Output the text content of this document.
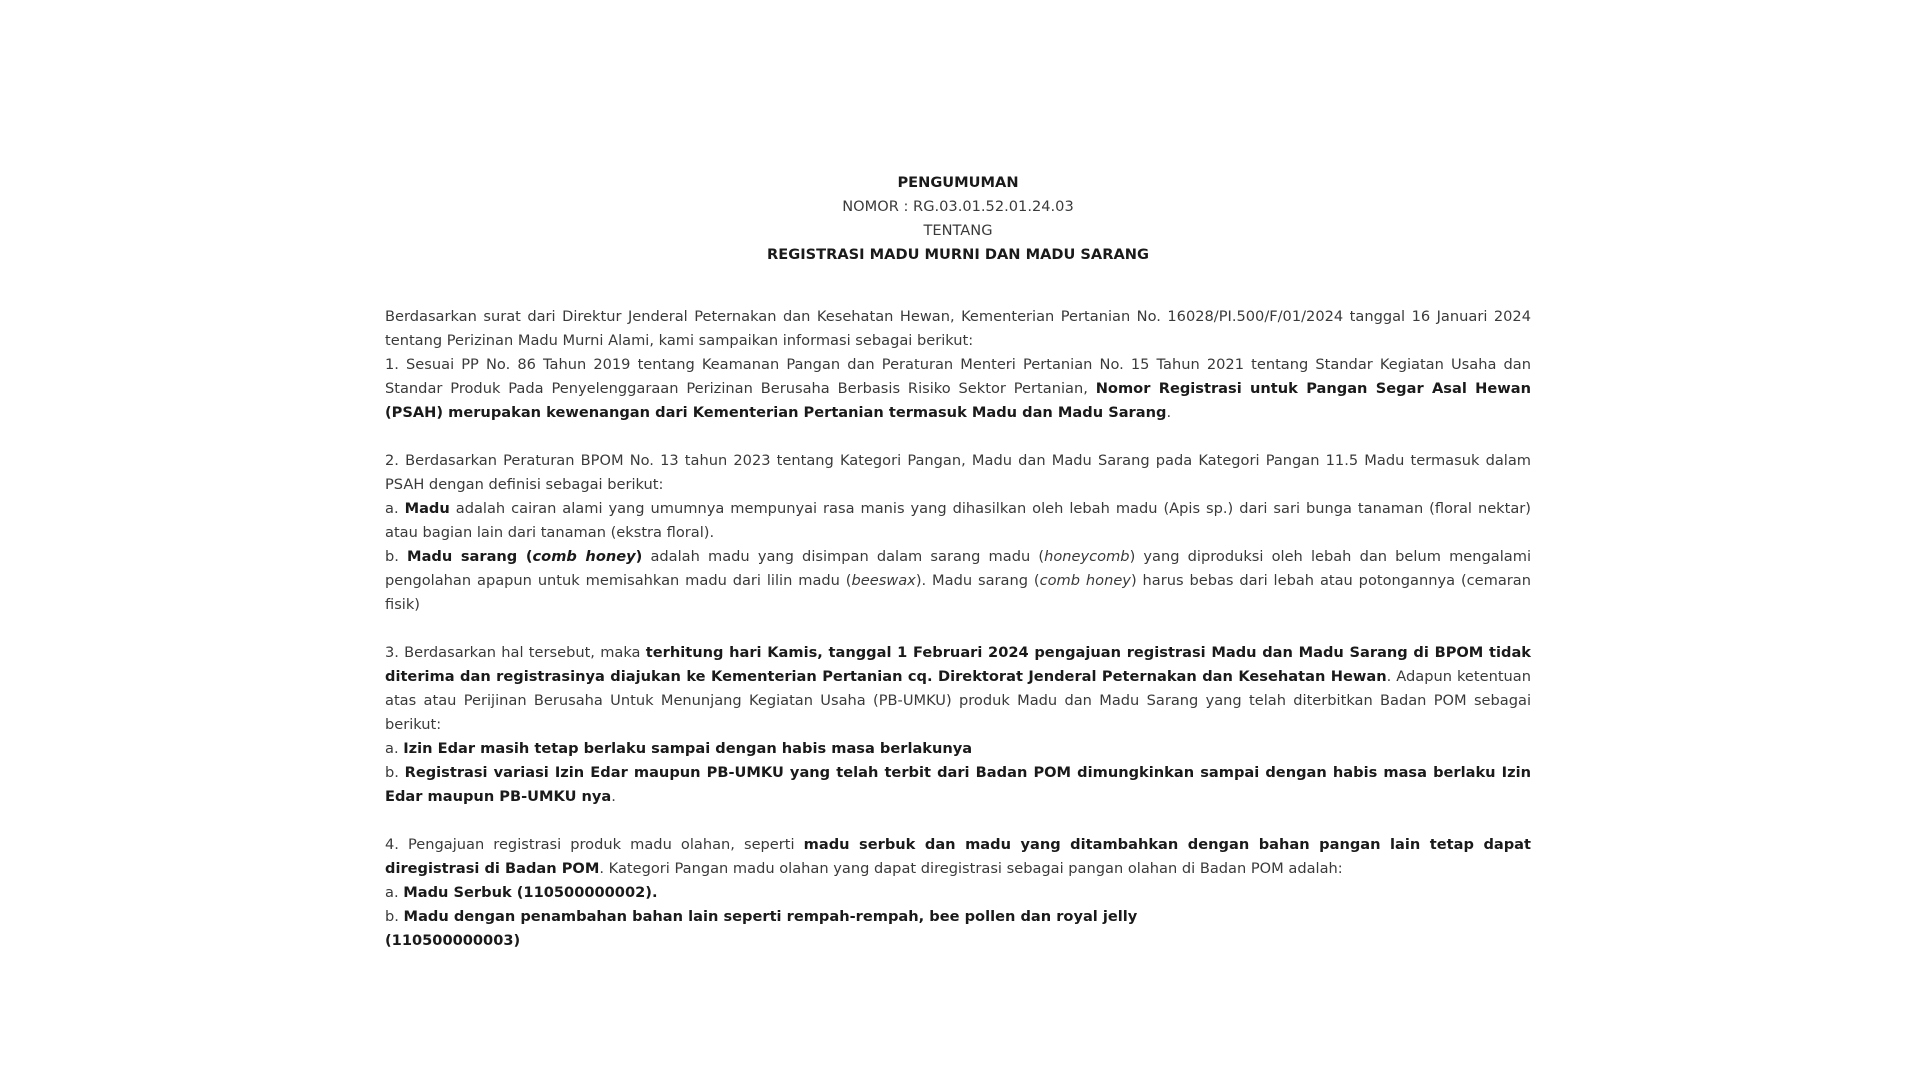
PENGUMUMAN
NOMOR : RG.03.01.52.01.24.03
TENTANG
REGISTRASI MADU MURNI DAN MADU SARANG

Berdasarkan surat dari Direktur Jenderal Peternakan dan Kesehatan Hewan, Kementerian Pertanian No. 16028/PI.500/F/01/2024 tanggal 16 Januari 2024 tentang Perizinan Madu Murni Alami, kami sampaikan informasi sebagai berikut:

1. Sesuai PP No. 86 Tahun 2019 tentang Keamanan Pangan dan Peraturan Menteri Pertanian No. 15 Tahun 2021 tentang Standar Kegiatan Usaha dan Standar Produk Pada Penyelenggaraan Perizinan Berusaha Berbasis Risiko Sektor Pertanian, Nomor Registrasi untuk Pangan Segar Asal Hewan (PSAH) merupakan kewenangan dari Kementerian Pertanian termasuk Madu dan Madu Sarang.

2. Berdasarkan Peraturan BPOM No. 13 tahun 2023 tentang Kategori Pangan, Madu dan Madu Sarang pada Kategori Pangan 11.5 Madu termasuk dalam PSAH dengan definisi sebagai berikut:

a. Madu adalah cairan alami yang umumnya mempunyai rasa manis yang dihasilkan oleh lebah madu (Apis sp.) dari sari bunga tanaman (floral nektar) atau bagian lain dari tanaman (ekstra floral).

b. Madu sarang (comb honey) adalah madu yang disimpan dalam sarang madu (honeycomb) yang diproduksi oleh lebah dan belum mengalami pengolahan apapun untuk memisahkan madu dari lilin madu (beeswax). Madu sarang (comb honey) harus bebas dari lebah atau potongannya (cemaran fisik)

3. Berdasarkan hal tersebut, maka terhitung hari Kamis, tanggal 1 Februari 2024 pengajuan registrasi Madu dan Madu Sarang di BPOM tidak diterima dan registrasinya diajukan ke Kementerian Pertanian cq. Direktorat Jenderal Peternakan dan Kesehatan Hewan. Adapun ketentuan atas atau Perijinan Berusaha Untuk Menunjang Kegiatan Usaha (PB-UMKU) produk Madu dan Madu Sarang yang telah diterbitkan Badan POM sebagai berikut:

a. Izin Edar masih tetap berlaku sampai dengan habis masa berlakunya

b. Registrasi variasi Izin Edar maupun PB-UMKU yang telah terbit dari Badan POM dimungkinkan sampai dengan habis masa berlaku Izin Edar maupun PB-UMKU nya.

4. Pengajuan registrasi produk madu olahan, seperti madu serbuk dan madu yang ditambahkan dengan bahan pangan lain tetap dapat diregistrasi di Badan POM. Kategori Pangan madu olahan yang dapat diregistrasi sebagai pangan olahan di Badan POM adalah:

a. Madu Serbuk (110500000002).

b. Madu dengan penambahan bahan lain seperti rempah-rempah, bee pollen dan royal jelly

(110500000003)
